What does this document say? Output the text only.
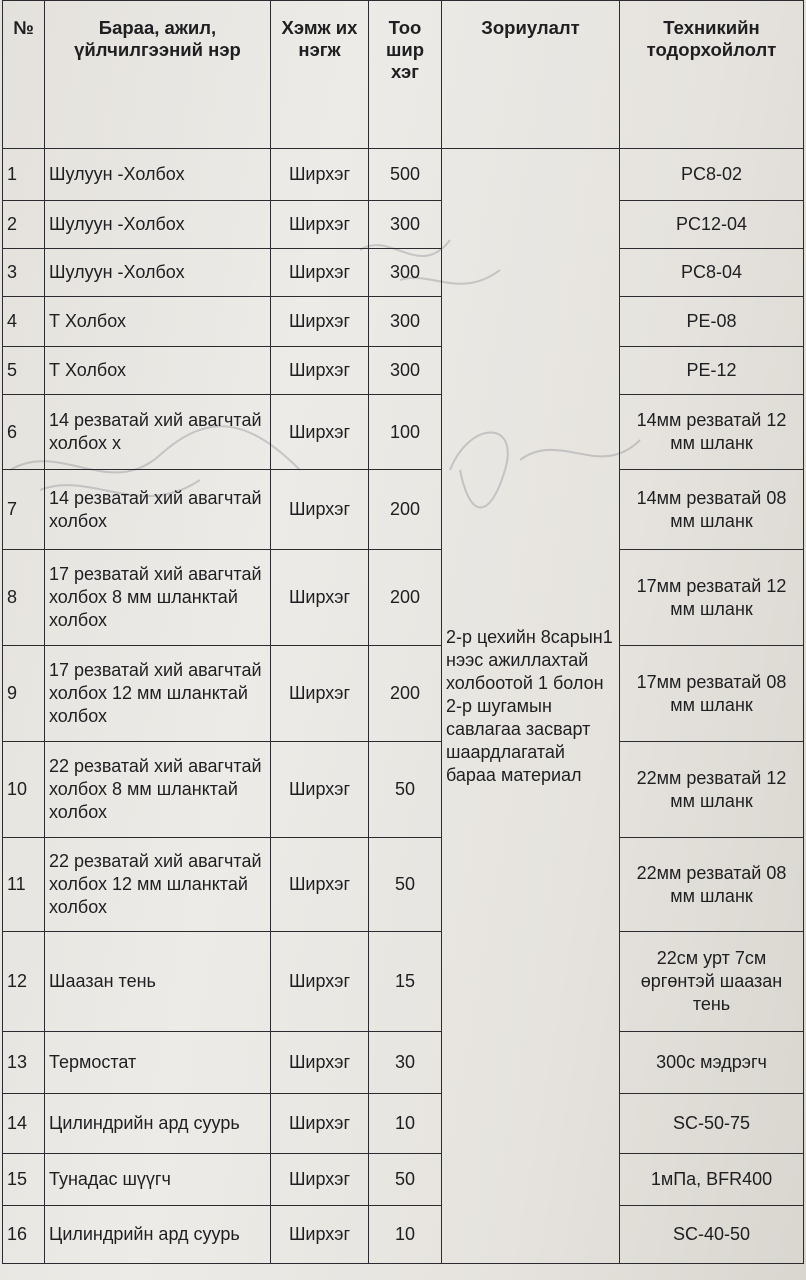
№	Бараа, ажил, үйлчилгээний нэр	Хэмж их нэгж	Тоо шир хэг	Зориулалт	Техникийн тодорхойлолт
1	Шулуун -Холбох	Ширхэг	500	2-р цехийн 8сарын1 нээс ажиллахтай холбоотой 1 болон 2-р шугамын савлагаа засварт шаардлагатай бараа материал	PC8-02
2	Шулуун -Холбох	Ширхэг	300		PC12-04
3	Шулуун -Холбох	Ширхэг	300		PC8-04
4	Т Холбох	Ширхэг	300		PE-08
5	Т Холбох	Ширхэг	300		PE-12
6	14 резватай хий авагчтай холбох х	Ширхэг	100		14мм резватай 12 мм шланк
7	14 резватай хий авагчтай холбох	Ширхэг	200		14мм резватай 08 мм шланк
8	17 резватай хий авагчтай холбох 8 мм шланктай холбох	Ширхэг	200		17мм резватай 12 мм шланк
9	17 резватай хий авагчтай холбох 12 мм шланктай холбох	Ширхэг	200		17мм резватай 08 мм шланк
10	22 резватай хий авагчтай холбох 8 мм шланктай холбох	Ширхэг	50		22мм резватай 12 мм шланк
11	22 резватай хий авагчтай холбох 12 мм шланктай холбох	Ширхэг	50		22мм резватай 08 мм шланк
12	Шаазан тень	Ширхэг	15		22см урт 7см өргөнтэй шаазан тень
13	Термостат	Ширхэг	30		300с мэдрэгч
14	Цилиндрийн ард суурь	Ширхэг	10		SC-50-75
15	Тунадас шүүгч	Ширхэг	50		1мПа, BFR400
16	Цилиндрийн ард суурь	Ширхэг	10		SC-40-50
